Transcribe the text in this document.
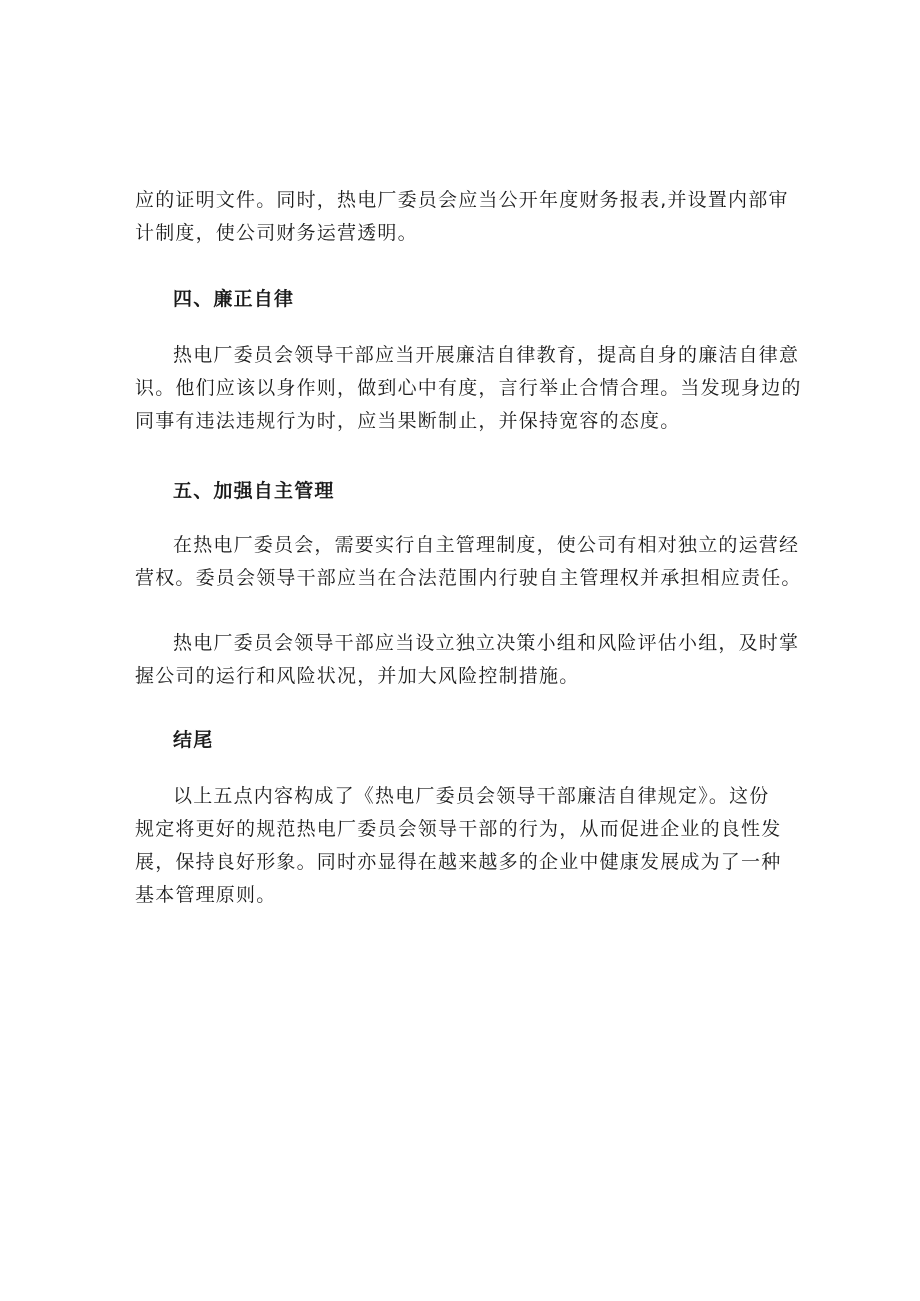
应的证明文件。同时，热电厂委员会应当公开年度财务报表,并设置内部审
计制度，使公司财务运营透明。
四、廉正自律
热电厂委员会领导干部应当开展廉洁自律教育，提高自身的廉洁自律意
识。他们应该以身作则，做到心中有度，言行举止合情合理。当发现身边的
同事有违法违规行为时，应当果断制止，并保持宽容的态度。
五、加强自主管理
在热电厂委员会，需要实行自主管理制度，使公司有相对独立的运营经
营权。委员会领导干部应当在合法范围内行驶自主管理权并承担相应责任。
热电厂委员会领导干部应当设立独立决策小组和风险评估小组，及时掌
握公司的运行和风险状况，并加大风险控制措施。
结尾
以上五点内容构成了《热电厂委员会领导干部廉洁自律规定》。这份
规定将更好的规范热电厂委员会领导干部的行为，从而促进企业的良性发
展，保持良好形象。同时亦显得在越来越多的企业中健康发展成为了一种
基本管理原则。
